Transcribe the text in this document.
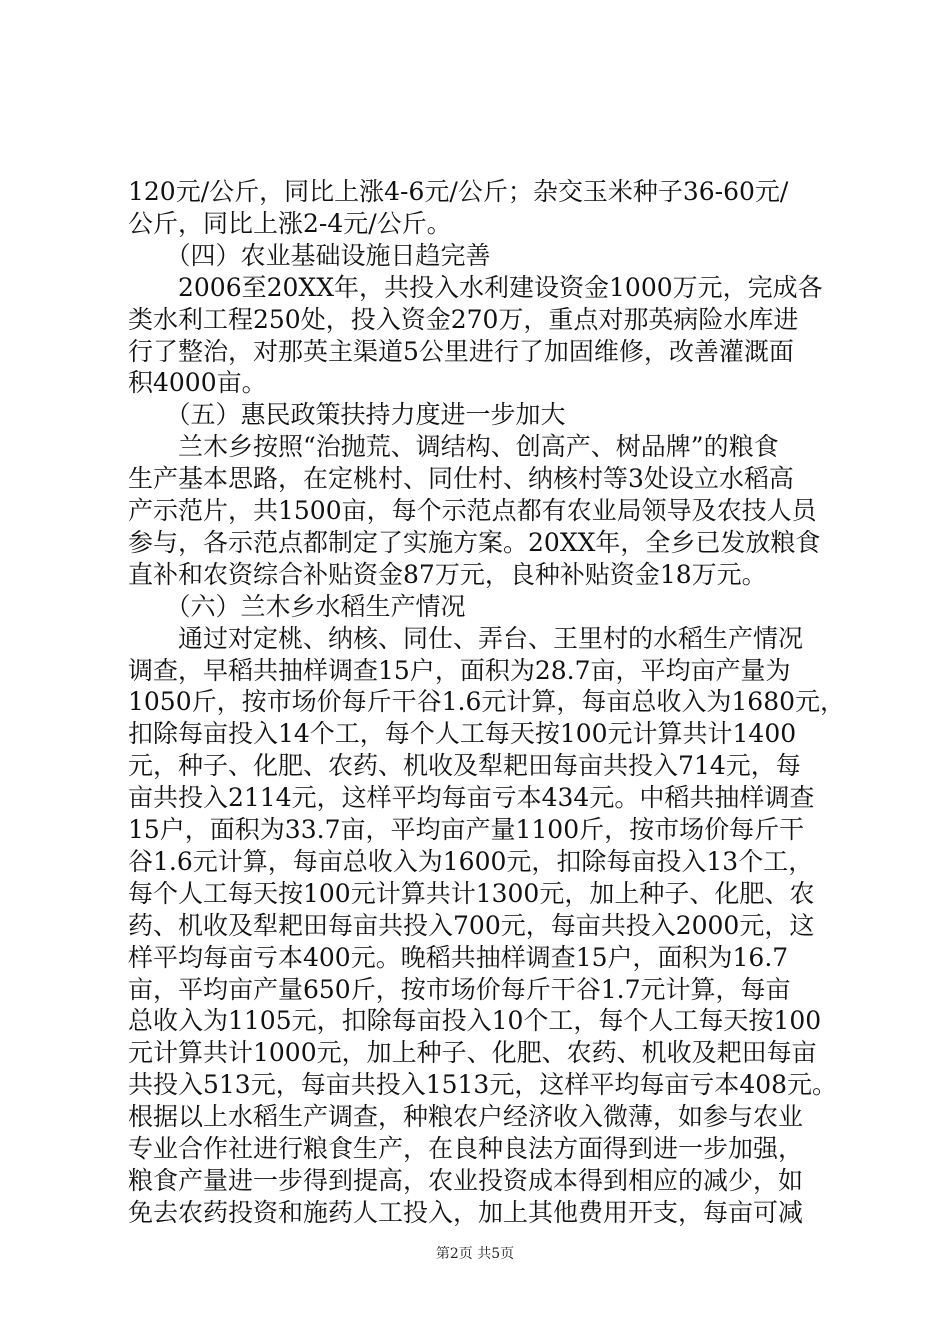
120元/公斤，同比上涨4-6元/公斤；杂交玉米种子36-60元/
公斤，同比上涨2-4元/公斤。
　　（四）农业基础设施日趋完善
　　2006至20XX年，共投入水利建设资金1000万元，完成各
类水利工程250处，投入资金270万，重点对那英病险水库进
行了整治，对那英主渠道5公里进行了加固维修，改善灌溉面
积4000亩。
　　（五）惠民政策扶持力度进一步加大
　　兰木乡按照“治抛荒、调结构、创高产、树品牌”的粮食
生产基本思路，在定桃村、同仕村、纳核村等3处设立水稻高
产示范片，共1500亩，每个示范点都有农业局领导及农技人员
参与，各示范点都制定了实施方案。20XX年，全乡已发放粮食
直补和农资综合补贴资金87万元，良种补贴资金18万元。
　　（六）兰木乡水稻生产情况
　　通过对定桃、纳核、同仕、弄台、王里村的水稻生产情况
调查，早稻共抽样调查15户，面积为28.7亩，平均亩产量为
1050斤，按市场价每斤干谷1.6元计算，每亩总收入为1680元，
扣除每亩投入14个工，每个人工每天按100元计算共计1400
元，种子、化肥、农药、机收及犁耙田每亩共投入714元，每
亩共投入2114元，这样平均每亩亏本434元。中稻共抽样调查
15户，面积为33.7亩，平均亩产量1100斤，按市场价每斤干
谷1.6元计算，每亩总收入为1600元，扣除每亩投入13个工，
每个人工每天按100元计算共计1300元，加上种子、化肥、农
药、机收及犁耙田每亩共投入700元，每亩共投入2000元，这
样平均每亩亏本400元。晚稻共抽样调查15户，面积为16.7
亩，平均亩产量650斤，按市场价每斤干谷1.7元计算，每亩
总收入为1105元，扣除每亩投入10个工，每个人工每天按100
元计算共计1000元，加上种子、化肥、农药、机收及耙田每亩
共投入513元，每亩共投入1513元，这样平均每亩亏本408元。
根据以上水稻生产调查，种粮农户经济收入微薄，如参与农业
专业合作社进行粮食生产，在良种良法方面得到进一步加强，
粮食产量进一步得到提高，农业投资成本得到相应的减少，如
免去农药投资和施药人工投入，加上其他费用开支，每亩可减
第2页 共5页
